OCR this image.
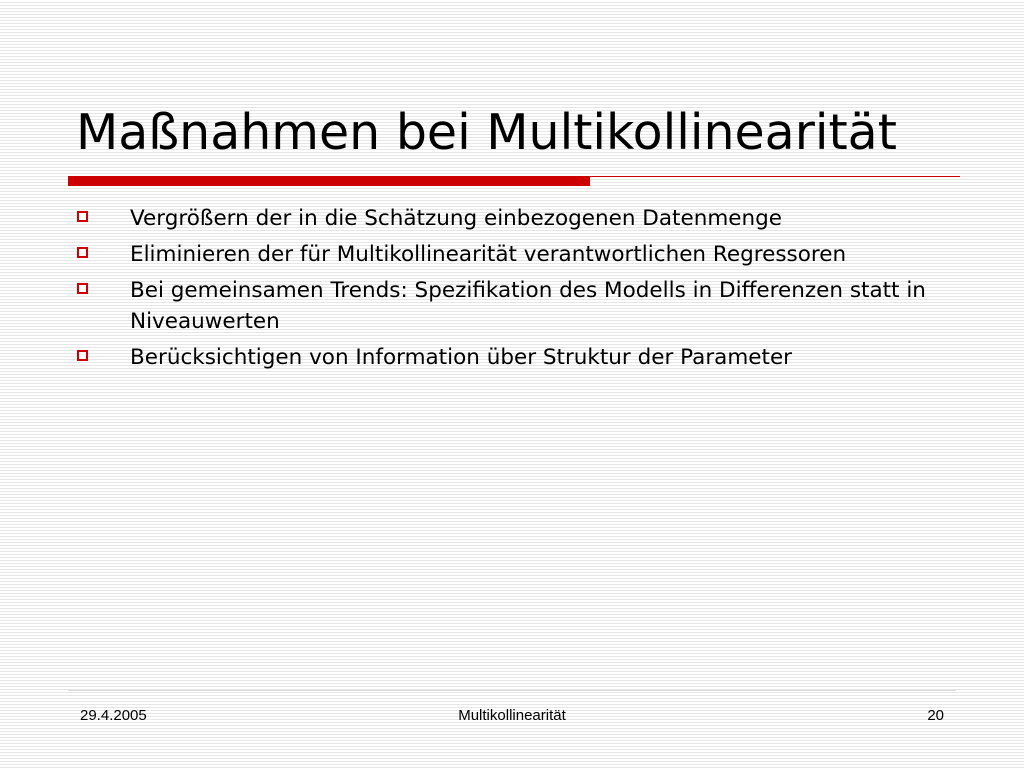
Maßnahmen bei Multikollinearität
Vergrößern der in die Schätzung einbezogenen Datenmenge
Eliminieren der für Multikollinearität verantwortlichen Regressoren
Bei gemeinsamen Trends: Spezifikation des Modells in Differenzen statt in Niveauwerten
Berücksichtigen von Information über Struktur der Parameter
29.4.2005	Multikollinearität	20
